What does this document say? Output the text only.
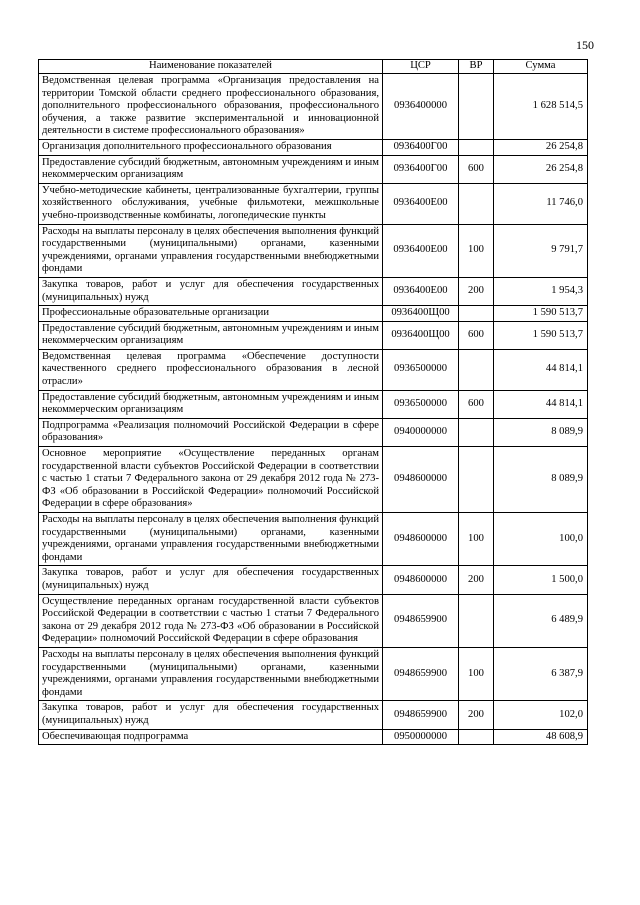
150
Наименование показателей	ЦСР	ВР	Сумма
Ведомственная целевая программа «Организация предоставления на территории Томской области среднего профессионального образования, дополнительного профессионального образования, профессионального обучения, а также развитие экспериментальной и инновационной деятельности в системе профессионального образования»	0936400000		1 628 514,5
Организация дополнительного профессионального образования	0936400Г00		26 254,8
Предоставление субсидий бюджетным, автономным учреждениям и иным некоммерческим организациям	0936400Г00	600	26 254,8
Учебно-методические кабинеты, централизованные бухгалтерии, группы хозяйственного обслуживания, учебные фильмотеки, межшкольные учебно-производственные комбинаты, логопедические пункты	0936400Е00		11 746,0
Расходы на выплаты персоналу в целях обеспечения выполнения функций государственными (муниципальными) органами, казенными учреждениями, органами управления государственными внебюджетными фондами	0936400Е00	100	9 791,7
Закупка товаров, работ и услуг для обеспечения государственных (муниципальных) нужд	0936400Е00	200	1 954,3
Профессиональные образовательные организации	0936400Щ00		1 590 513,7
Предоставление субсидий бюджетным, автономным учреждениям и иным некоммерческим организациям	0936400Щ00	600	1 590 513,7
Ведомственная целевая программа «Обеспечение доступности качественного среднего профессионального образования в лесной отрасли»	0936500000		44 814,1
Предоставление субсидий бюджетным, автономным учреждениям и иным некоммерческим организациям	0936500000	600	44 814,1
Подпрограмма «Реализация полномочий Российской Федерации в сфере образования»	0940000000		8 089,9
Основное мероприятие «Осуществление переданных органам государственной власти субъектов Российской Федерации в соответствии с частью 1 статьи 7 Федерального закона от 29 декабря 2012 года № 273-ФЗ «Об образовании в Российской Федерации» полномочий Российской Федерации в сфере образования»	0948600000		8 089,9
Расходы на выплаты персоналу в целях обеспечения выполнения функций государственными (муниципальными) органами, казенными учреждениями, органами управления государственными внебюджетными фондами	0948600000	100	100,0
Закупка товаров, работ и услуг для обеспечения государственных (муниципальных) нужд	0948600000	200	1 500,0
Осуществление переданных органам государственной власти субъектов Российской Федерации в соответствии с частью 1 статьи 7 Федерального закона от 29 декабря 2012 года № 273-ФЗ «Об образовании в Российской Федерации» полномочий Российской Федерации в сфере образования	0948659900		6 489,9
Расходы на выплаты персоналу в целях обеспечения выполнения функций государственными (муниципальными) органами, казенными учреждениями, органами управления государственными внебюджетными фондами	0948659900	100	6 387,9
Закупка товаров, работ и услуг для обеспечения государственных (муниципальных) нужд	0948659900	200	102,0
Обеспечивающая подпрограмма	0950000000		48 608,9
